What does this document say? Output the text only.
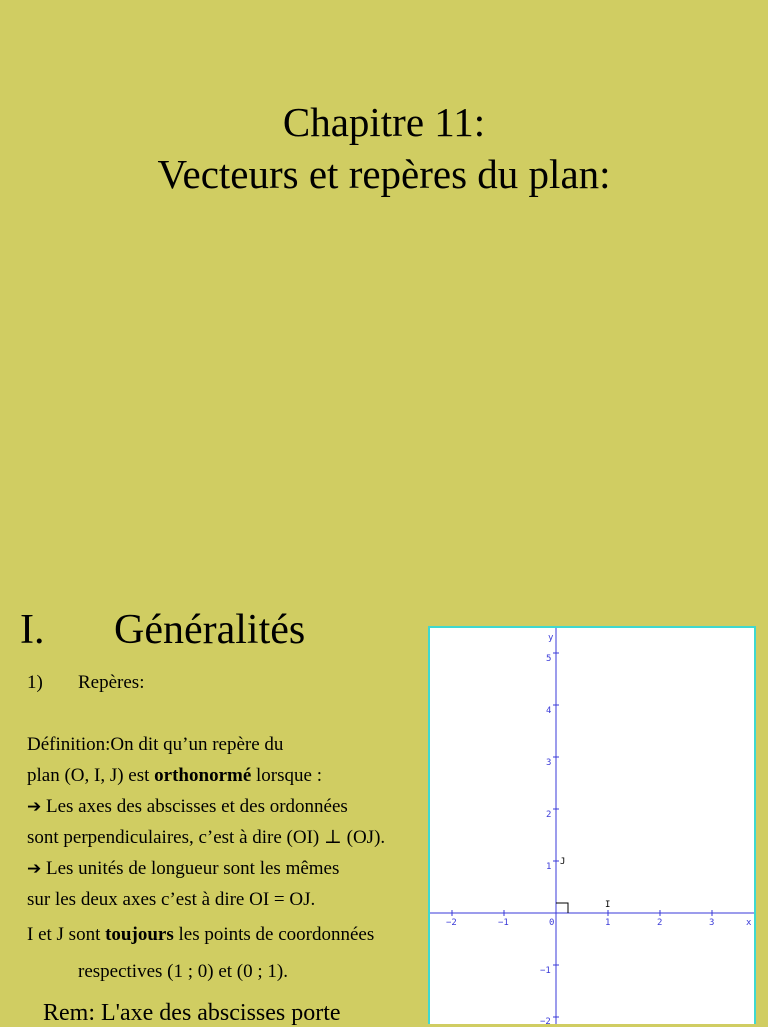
Chapitre 11:
Vecteurs et repères du plan:
I. Généralités
1) Repères:
Définition:On dit qu’un repère du
plan (O, I, J) est orthonormé lorsque :
➔ Les axes des abscisses et des ordonnées
sont perpendiculaires, c’est à dire (OI) ⊥ (OJ).
➔ Les unités de longueur sont les mêmes
sur les deux axes c’est à dire OI = OJ.
I et J sont toujours les points de coordonnées
respectives (1 ; 0) et (0 ; 1).
Rem: L'axe des abscisses porte
−2	−1	0	1	2	3	x
5
4
3
2
1
−1
−2
y
I
J
